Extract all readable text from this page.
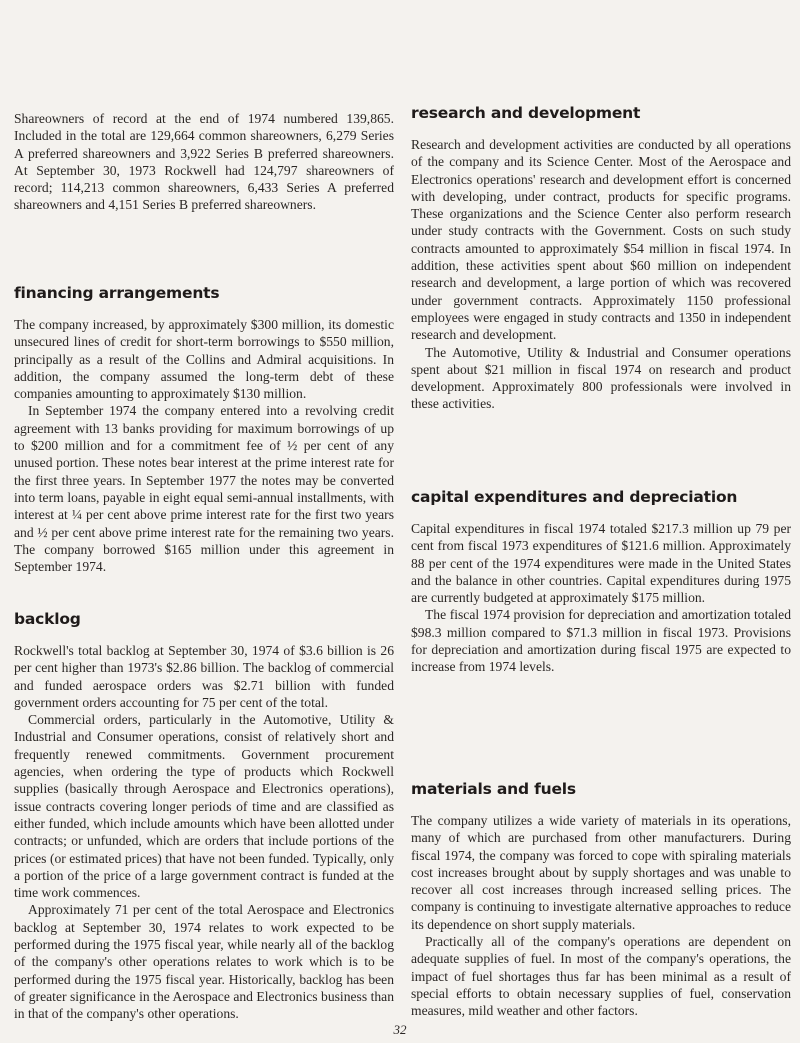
Shareowners of record at the end of 1974 numbered 139,865. Included in the total are 129,664 common shareowners, 6,279 Series A preferred shareowners and 3,922 Series B preferred shareowners. At September 30, 1973 Rockwell had 124,797 shareowners of record; 114,213 common shareowners, 6,433 Series A preferred shareowners and 4,151 Series B preferred shareowners.

financing arrangements

The company increased, by approximately $300 million, its domestic unsecured lines of credit for short-term borrowings to $550 million, principally as a result of the Collins and Admiral acquisitions. In addition, the company assumed the long-term debt of these companies amounting to approximately $130 million.

In September 1974 the company entered into a revolving credit agreement with 13 banks providing for maximum borrowings of up to $200 million and for a commitment fee of ½ per cent of any unused portion. These notes bear interest at the prime interest rate for the first three years. In September 1977 the notes may be converted into term loans, payable in eight equal semi-annual installments, with interest at ¼ per cent above prime interest rate for the first two years and ½ per cent above prime interest rate for the remaining two years. The company borrowed $165 million under this agreement in September 1974.

backlog

Rockwell's total backlog at September 30, 1974 of $3.6 billion is 26 per cent higher than 1973's $2.86 billion. The backlog of commercial and funded aerospace orders was $2.71 billion with funded government orders accounting for 75 per cent of the total.

Commercial orders, particularly in the Automotive, Utility & Industrial and Consumer operations, consist of relatively short and frequently renewed commitments. Government procurement agencies, when ordering the type of products which Rockwell supplies (basically through Aerospace and Electronics operations), issue contracts covering longer periods of time and are classified as either funded, which include amounts which have been allotted under contracts; or unfunded, which are orders that include portions of the prices (or estimated prices) that have not been funded. Typically, only a portion of the price of a large government contract is funded at the time work commences.

Approximately 71 per cent of the total Aerospace and Electronics backlog at September 30, 1974 relates to work expected to be performed during the 1975 fiscal year, while nearly all of the backlog of the company's other operations relates to work which is to be performed during the 1975 fiscal year. Historically, backlog has been of greater significance in the Aerospace and Electronics business than in that of the company's other operations.

research and development

Research and development activities are conducted by all operations of the company and its Science Center. Most of the Aerospace and Electronics operations' research and development effort is concerned with developing, under contract, products for specific programs. These organizations and the Science Center also perform research under study contracts with the Government. Costs on such study contracts amounted to approximately $54 million in fiscal 1974. In addition, these activities spent about $60 million on independent research and development, a large portion of which was recovered under government contracts. Approximately 1150 professional employees were engaged in study contracts and 1350 in independent research and development.

The Automotive, Utility & Industrial and Consumer operations spent about $21 million in fiscal 1974 on research and product development. Approximately 800 professionals were involved in these activities.

capital expenditures and depreciation

Capital expenditures in fiscal 1974 totaled $217.3 million up 79 per cent from fiscal 1973 expenditures of $121.6 million. Approximately 88 per cent of the 1974 expenditures were made in the United States and the balance in other countries. Capital expenditures during 1975 are currently budgeted at approximately $175 million.

The fiscal 1974 provision for depreciation and amortization totaled $98.3 million compared to $71.3 million in fiscal 1973. Provisions for depreciation and amortization during fiscal 1975 are expected to increase from 1974 levels.

materials and fuels

The company utilizes a wide variety of materials in its operations, many of which are purchased from other manufacturers. During fiscal 1974, the company was forced to cope with spiraling materials cost increases brought about by supply shortages and was unable to recover all cost increases through increased selling prices. The company is continuing to investigate alternative approaches to reduce its dependence on short supply materials.

Practically all of the company's operations are dependent on adequate supplies of fuel. In most of the company's operations, the impact of fuel shortages thus far has been minimal as a result of special efforts to obtain necessary supplies of fuel, conservation measures, mild weather and other factors.

32
